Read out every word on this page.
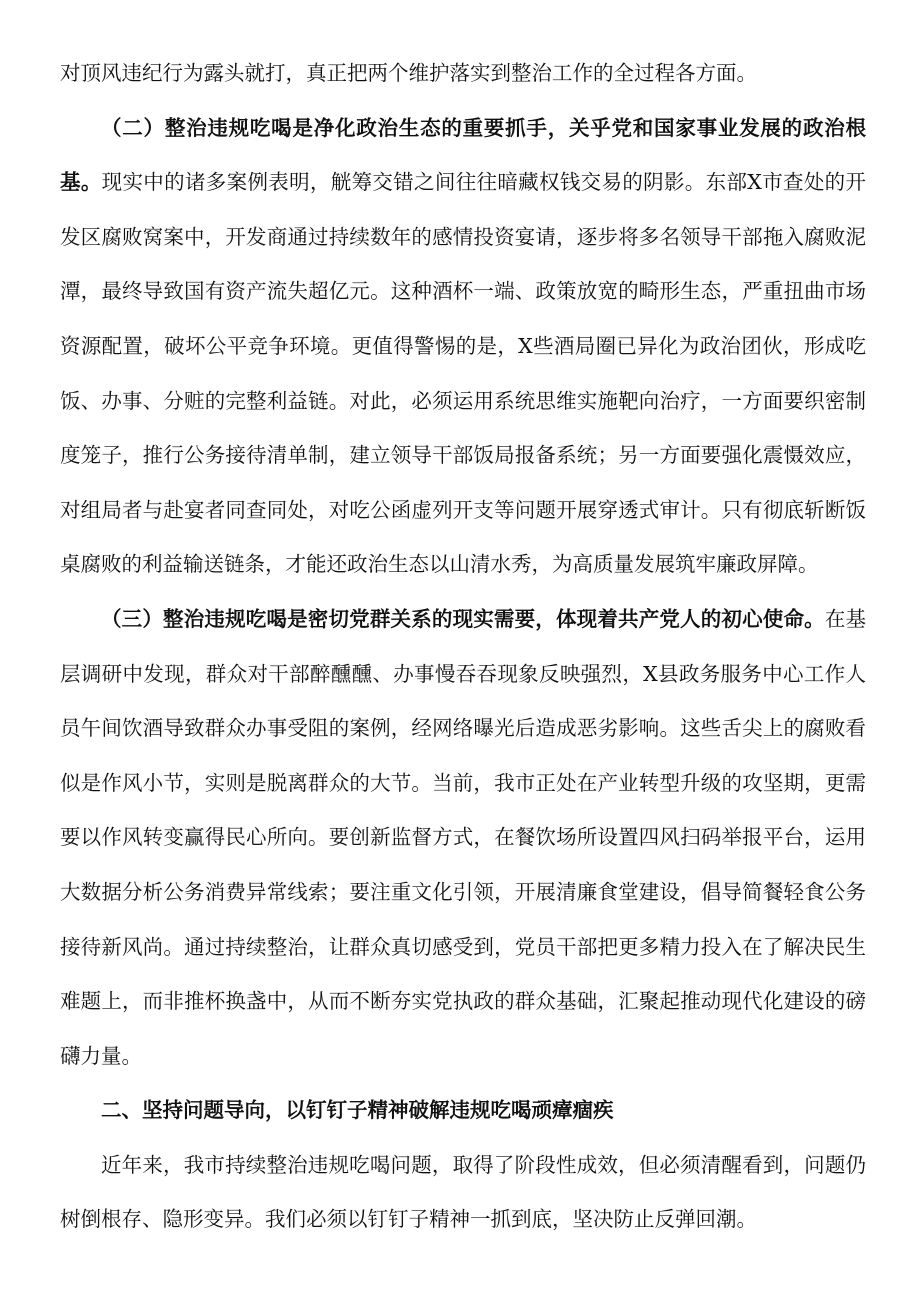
对顶风违纪行为露头就打，真正把两个维护落实到整治工作的全过程各方面。

（二）整治违规吃喝是净化政治生态的重要抓手，关乎党和国家事业发展的政治根基。现实中的诸多案例表明，觥筹交错之间往往暗藏权钱交易的阴影。东部X市查处的开发区腐败窝案中，开发商通过持续数年的感情投资宴请，逐步将多名领导干部拖入腐败泥潭，最终导致国有资产流失超亿元。这种酒杯一端、政策放宽的畸形生态，严重扭曲市场资源配置，破坏公平竞争环境。更值得警惕的是，X些酒局圈已异化为政治团伙，形成吃饭、办事、分赃的完整利益链。对此，必须运用系统思维实施靶向治疗，一方面要织密制度笼子，推行公务接待清单制，建立领导干部饭局报备系统；另一方面要强化震慑效应，对组局者与赴宴者同查同处，对吃公函虚列开支等问题开展穿透式审计。只有彻底斩断饭桌腐败的利益输送链条，才能还政治生态以山清水秀，为高质量发展筑牢廉政屏障。

（三）整治违规吃喝是密切党群关系的现实需要，体现着共产党人的初心使命。在基层调研中发现，群众对干部醉醺醺、办事慢吞吞现象反映强烈，X县政务服务中心工作人员午间饮酒导致群众办事受阻的案例，经网络曝光后造成恶劣影响。这些舌尖上的腐败看似是作风小节，实则是脱离群众的大节。当前，我市正处在产业转型升级的攻坚期，更需要以作风转变赢得民心所向。要创新监督方式，在餐饮场所设置四风扫码举报平台，运用大数据分析公务消费异常线索；要注重文化引领，开展清廉食堂建设，倡导简餐轻食公务接待新风尚。通过持续整治，让群众真切感受到，党员干部把更多精力投入在了解决民生难题上，而非推杯换盏中，从而不断夯实党执政的群众基础，汇聚起推动现代化建设的磅礴力量。

二、坚持问题导向，以钉钉子精神破解违规吃喝顽瘴痼疾

近年来，我市持续整治违规吃喝问题，取得了阶段性成效，但必须清醒看到，问题仍树倒根存、隐形变异。我们必须以钉钉子精神一抓到底，坚决防止反弹回潮。
